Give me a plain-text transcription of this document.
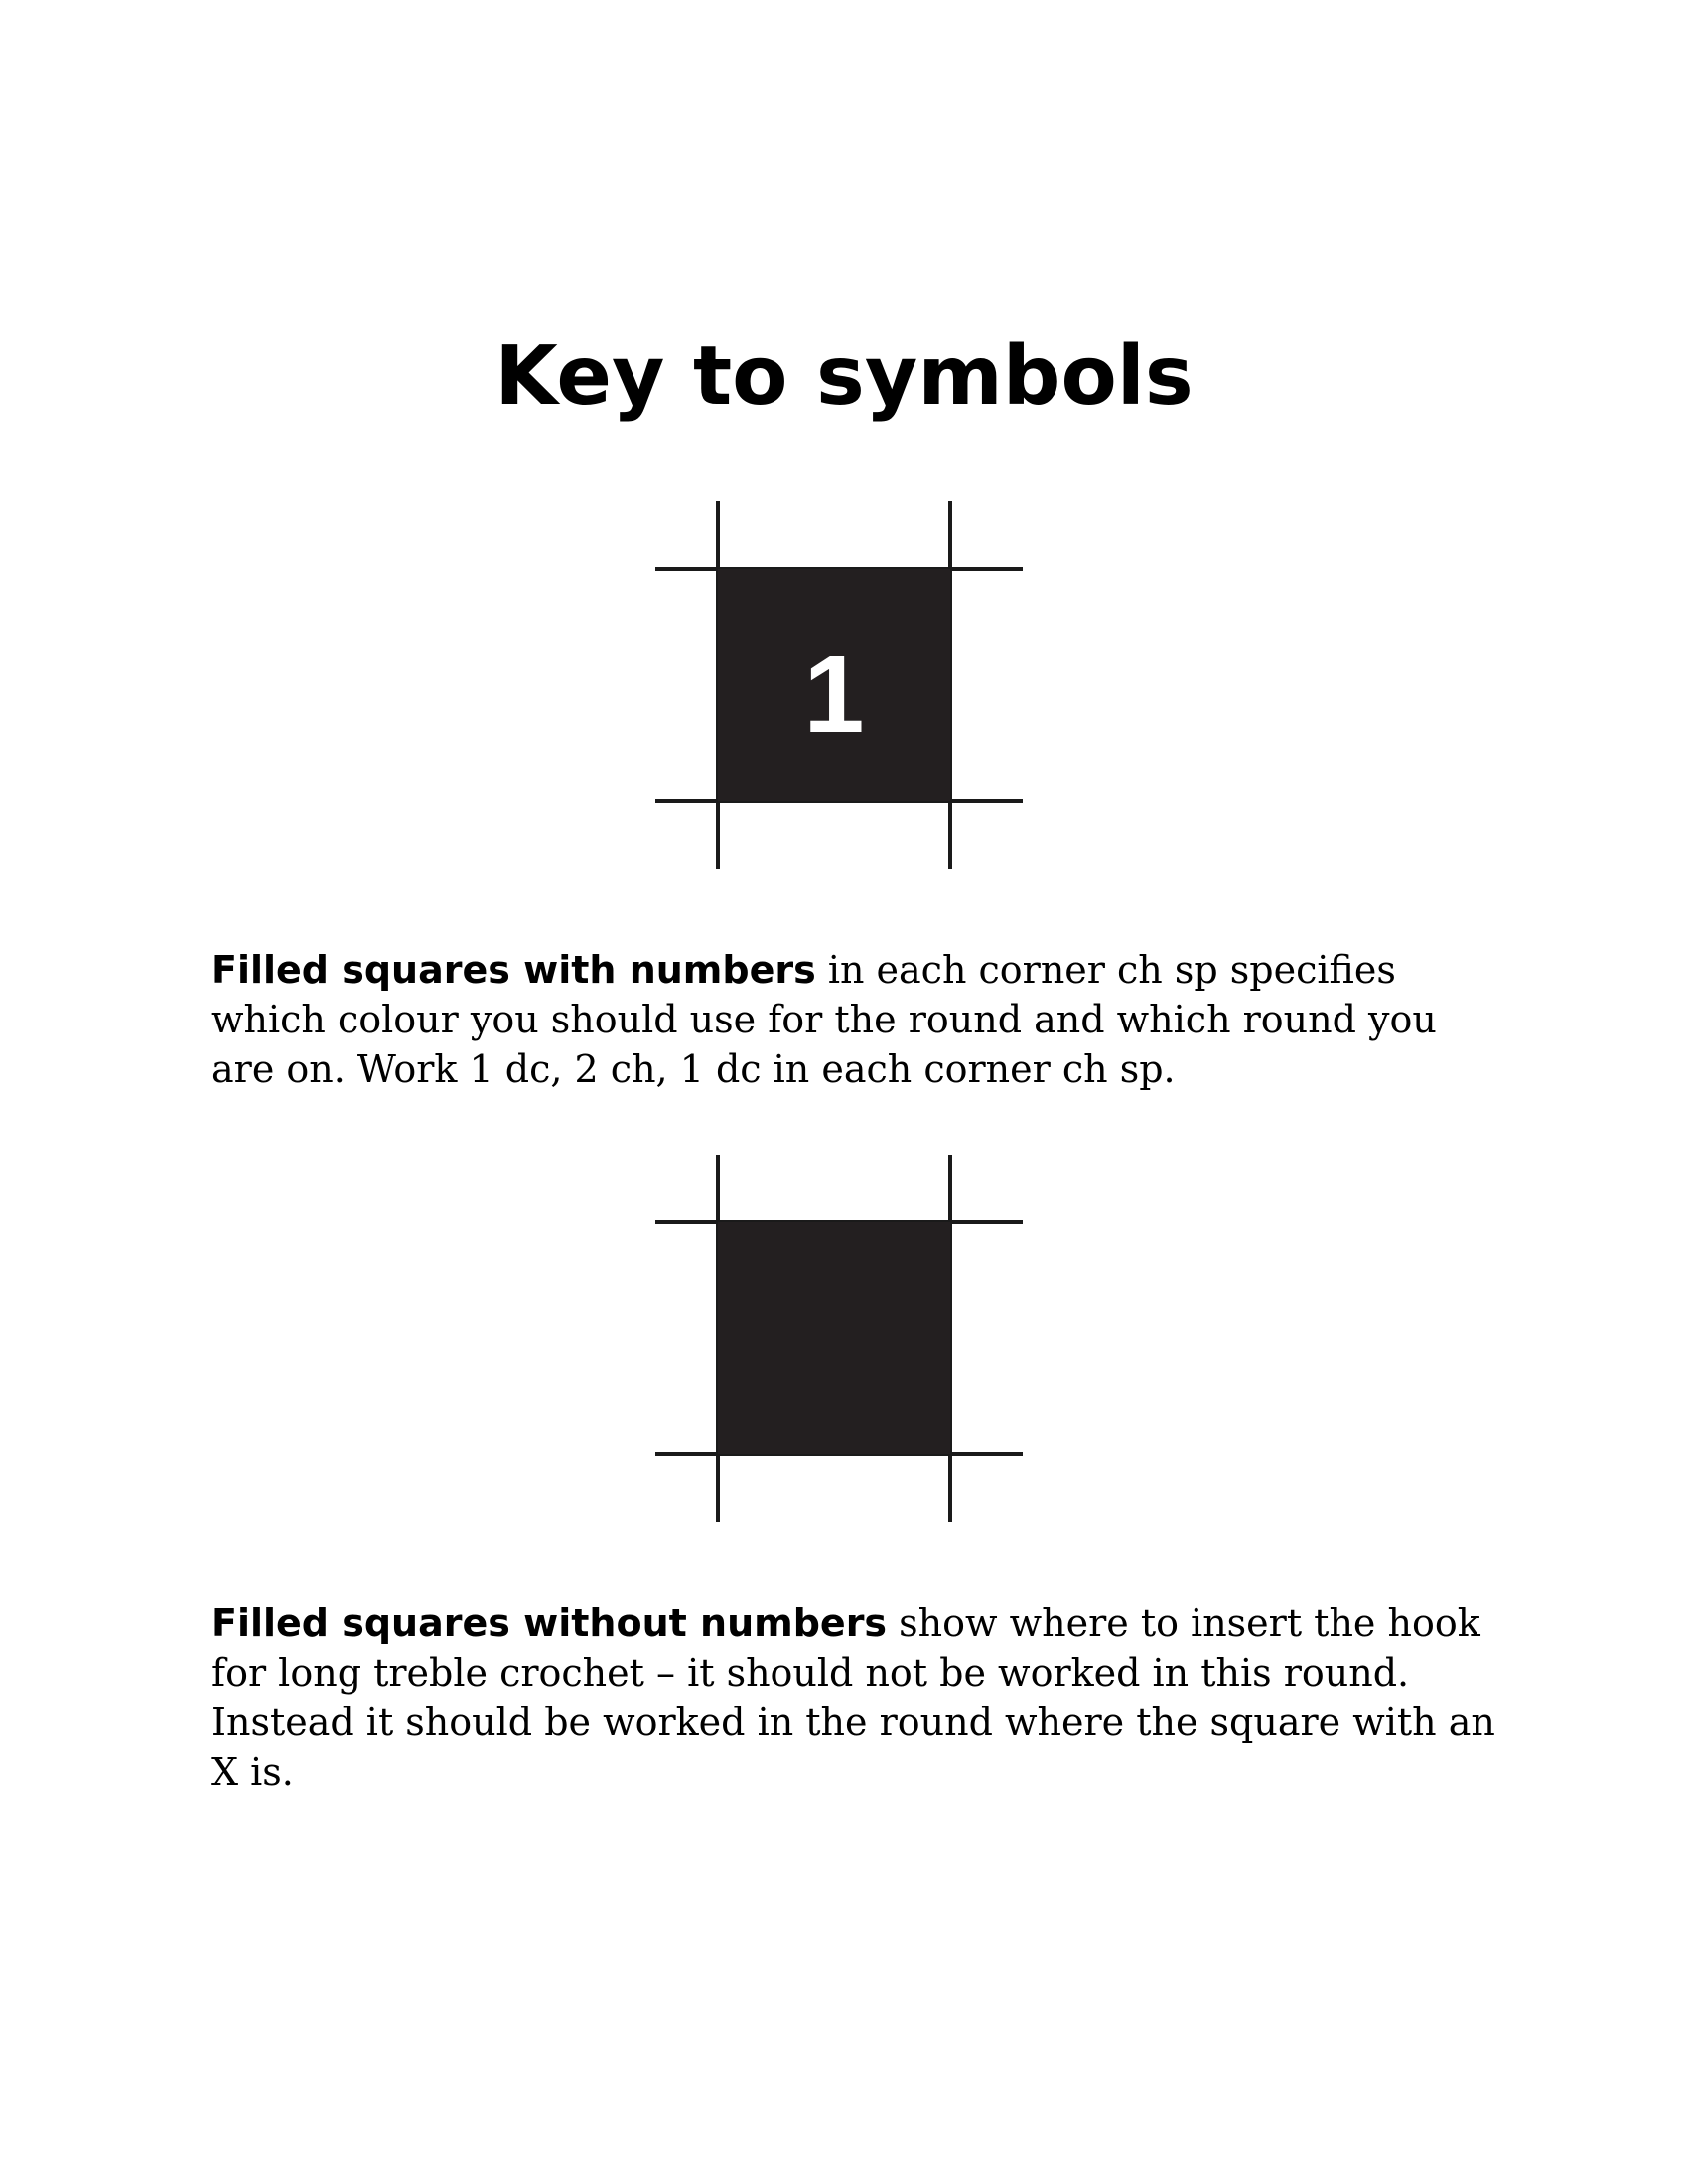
Key to symbols
1

Filled squares with numbers in each corner ch sp specifies which colour you should use for the round and which round you are on. Work 1 dc, 2 ch, 1 dc in each corner ch sp.

Filled squares without numbers show where to insert the hook for long treble crochet – it should not be worked in this round. Instead it should be worked in the round where the square with an X is.
